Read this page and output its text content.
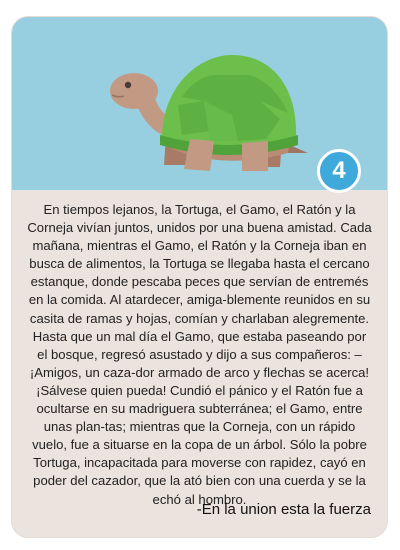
4

En tiempos lejanos, la Tortuga, el Gamo, el Ratón y la Corneja vivían juntos, unidos por una buena amistad. Cada mañana, mientras el Gamo, el Ratón y la Corneja iban en busca de alimentos, la Tortuga se llegaba hasta el cercano estanque, donde pescaba peces que servían de entremés en la comida. Al atardecer, amiga-blemente reunidos en su casita de ramas y hojas, comían y charlaban alegremente. Hasta que un mal día el Gamo, que estaba paseando por el bosque, regresó asustado y dijo a sus compañeros: – ¡Amigos, un caza-dor armado de arco y flechas se acerca! ¡Sálvese quien pueda! Cundió el pánico y el Ratón fue a ocultarse en su madriguera subterránea; el Gamo, entre unas plan-tas; mientras que la Corneja, con un rápido vuelo, fue a situarse en la copa de un árbol. Sólo la pobre Tortuga, incapacitada para moverse con rapidez, cayó en poder del cazador, que la ató bien con una cuerda y se la echó al hombro.

-En la union esta la fuerza
